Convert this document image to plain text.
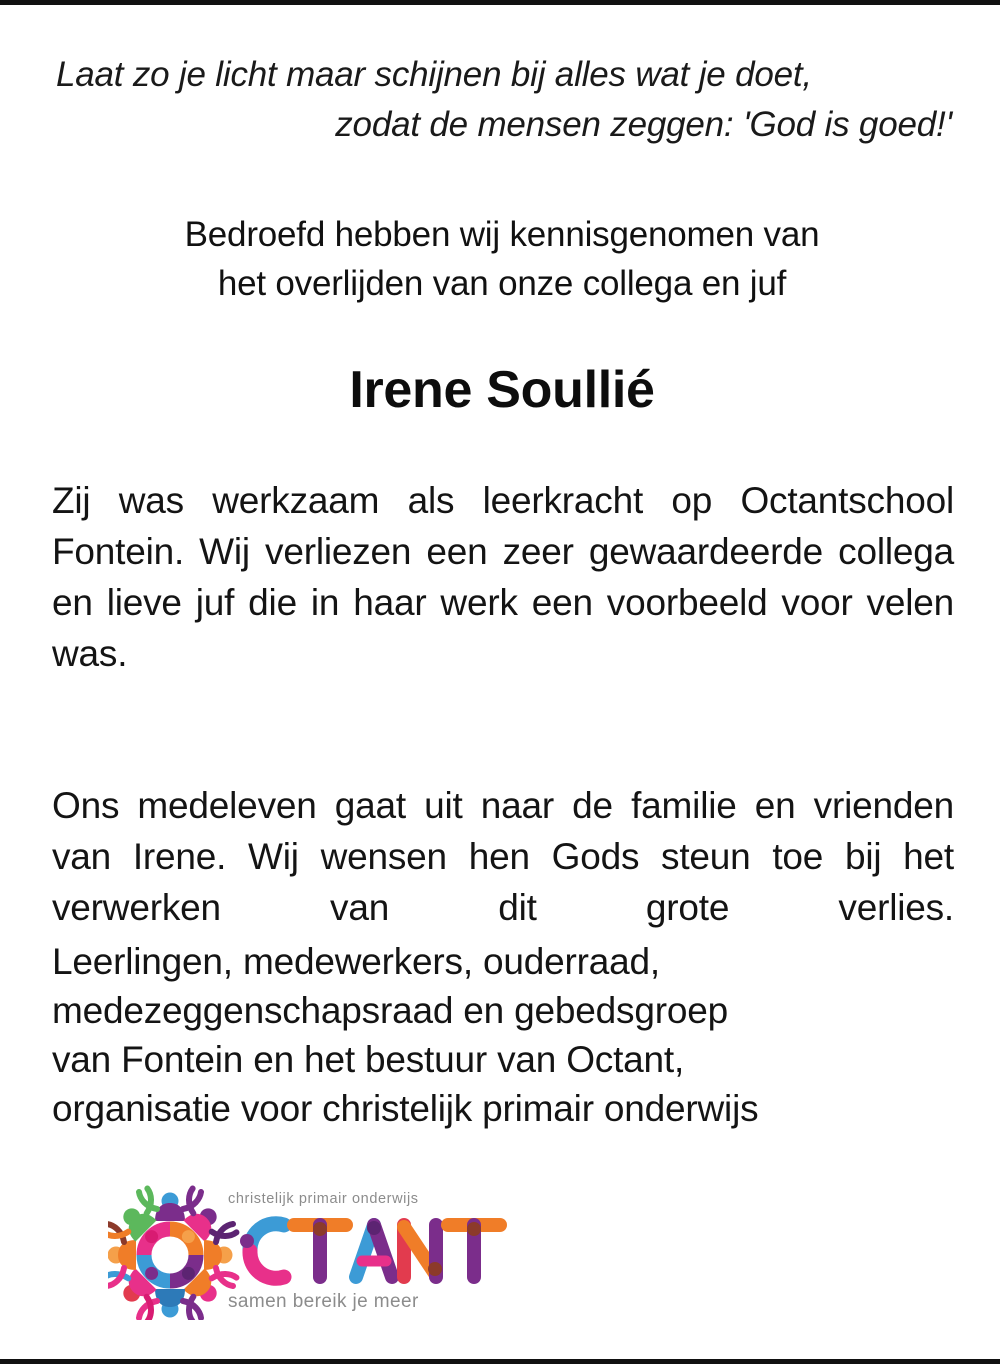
Laat zo je licht maar schijnen bij alles wat je doet,
zodat de mensen zeggen: 'God is goed!'
Bedroefd hebben wij kennisgenomen van
het overlijden van onze collega en juf
Irene Soullié

Zij was werkzaam als leerkracht op Octantschool Fontein. Wij verliezen een zeer gewaardeerde collega en lieve juf die in haar werk een voorbeeld voor velen was.

Ons medeleven gaat uit naar de familie en vrienden van Irene. Wij wensen hen Gods steun toe bij het verwerken van dit grote verlies.

Leerlingen, medewerkers, ouderraad,
medezeggenschapsraad en gebedsgroep
van Fontein en het bestuur van Octant,
organisatie voor christelijk primair onderwijs
christelijk primair onderwijs
samen bereik je meer
